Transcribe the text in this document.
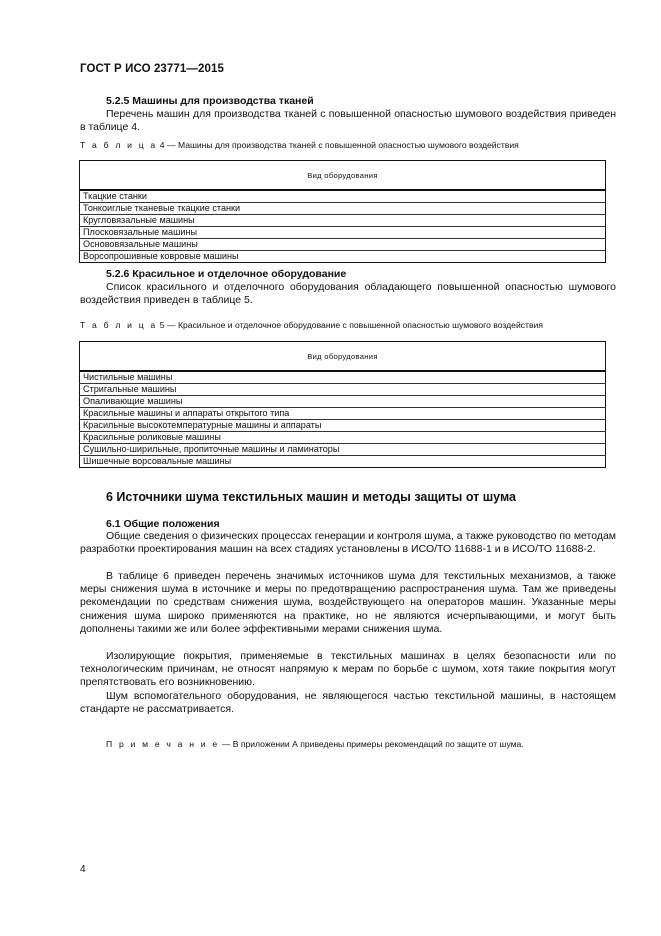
ГОСТ Р ИСО 23771—2015
5.2.5 Машины для производства тканей
Перечень машин для производства тканей с повышенной опасностью шумового воздействия приведен в таблице 4.
Т а б л и ц а 4 — Машины для производства тканей с повышенной опасностью шумового воздействия
Вид оборудования
Ткацкие станки
Тонкоиглые тканевые ткацкие станки
Кругловязальные машины
Плосковязальные машины
Основовязальные машины
Ворсопрошивные ковровые машины
5.2.6 Красильное и отделочное оборудование
Список красильного и отделочного оборудования обладающего повышенной опасностью шумового воздействия приведен в таблице 5.
Т а б л и ц а 5 — Красильное и отделочное оборудование с повышенной опасностью шумового воздействия
Вид оборудования
Чистильные машины
Стригальные машины
Опаливающие машины
Красильные машины и аппараты открытого типа
Красильные высокотемпературные машины и аппараты
Красильные роликовые машины
Сушильно-ширильные, пропиточные машины и ламинаторы
Шишечные ворсовальные машины
6 Источники шума текстильных машин и методы защиты от шума
6.1 Общие положения
Общие сведения о физических процессах генерации и контроля шума, а также руководство по методам разработки проектирования машин на всех стадиях установлены в ИСО/ТО 11688-1 и в ИСО/ТО 11688-2.
В таблице 6 приведен перечень значимых источников шума для текстильных механизмов, а также меры снижения шума в источнике и меры по предотвращению распространения шума. Там же приведены рекомендации по средствам снижения шума, воздействующего на операторов машин. Указанные меры снижения шума широко применяются на практике, но не являются исчерпывающими, и могут быть дополнены такими же или более эффективными мерами снижения шума.
Изолирующие покрытия, применяемые в текстильных машинах в целях безопасности или по технологическим причинам, не относят напрямую к мерам по борьбе с шумом, хотя такие покрытия могут препятствовать его возникновению.
Шум вспомогательного оборудования, не являющегося частью текстильной машины, в настоящем стандарте не рассматривается.
П р и м е ч а н и е — В приложении А приведены примеры рекомендаций по защите от шума.
4
